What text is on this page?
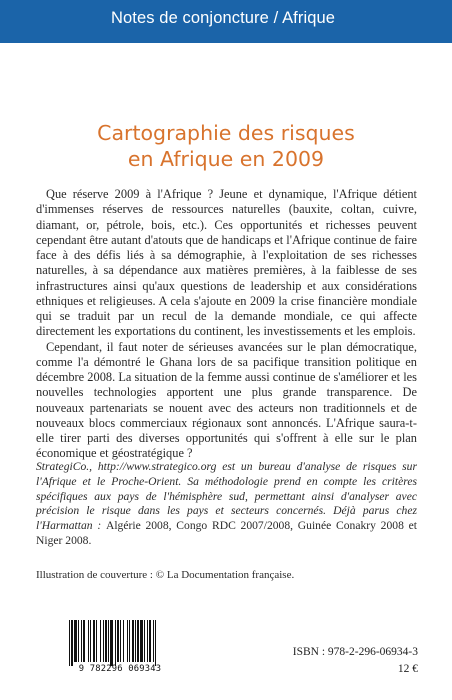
Notes de conjoncture / Afrique
Cartographie des risques
en Afrique en 2009

Que réserve 2009 à l'Afrique ? Jeune et dynamique, l'Afrique détient d'immenses réserves de ressources naturelles (bauxite, coltan, cuivre, diamant, or, pétrole, bois, etc.). Ces opportunités et richesses peuvent cependant être autant d'atouts que de handicaps et l'Afrique continue de faire face à des défis liés à sa démographie, à l'exploitation de ses richesses naturelles, à sa dépendance aux matières premières, à la faiblesse de ses infrastructures ainsi qu'aux questions de leadership et aux considérations ethniques et religieuses. A cela s'ajoute en 2009 la crise financière mondiale qui se traduit par un recul de la demande mondiale, ce qui affecte directement les exportations du continent, les investissements et les emplois.

Cependant, il faut noter de sérieuses avancées sur le plan démocratique, comme l'a démontré le Ghana lors de sa pacifique transition politique en décembre 2008. La situation de la femme aussi continue de s'améliorer et les nouvelles technologies apportent une plus grande transparence. De nouveaux partenariats se nouent avec des acteurs non traditionnels et de nouveaux blocs commerciaux régionaux sont annoncés. L'Afrique saura-t-elle tirer parti des diverses opportunités qui s'offrent à elle sur le plan économique et géostratégique ?

StrategiCo., http://www.strategico.org est un bureau d'analyse de risques sur l'Afrique et le Proche-Orient. Sa méthodologie prend en compte les critères spécifiques aux pays de l'hémisphère sud, permettant ainsi d'analyser avec précision le risque dans les pays et secteurs concernés. Déjà parus chez l'Harmattan : Algérie 2008, Congo RDC 2007/2008, Guinée Conakry 2008 et Niger 2008.
Illustration de couverture : © La Documentation française.
9 782296 069343
ISBN : 978-2-296-06934-3
12 €
